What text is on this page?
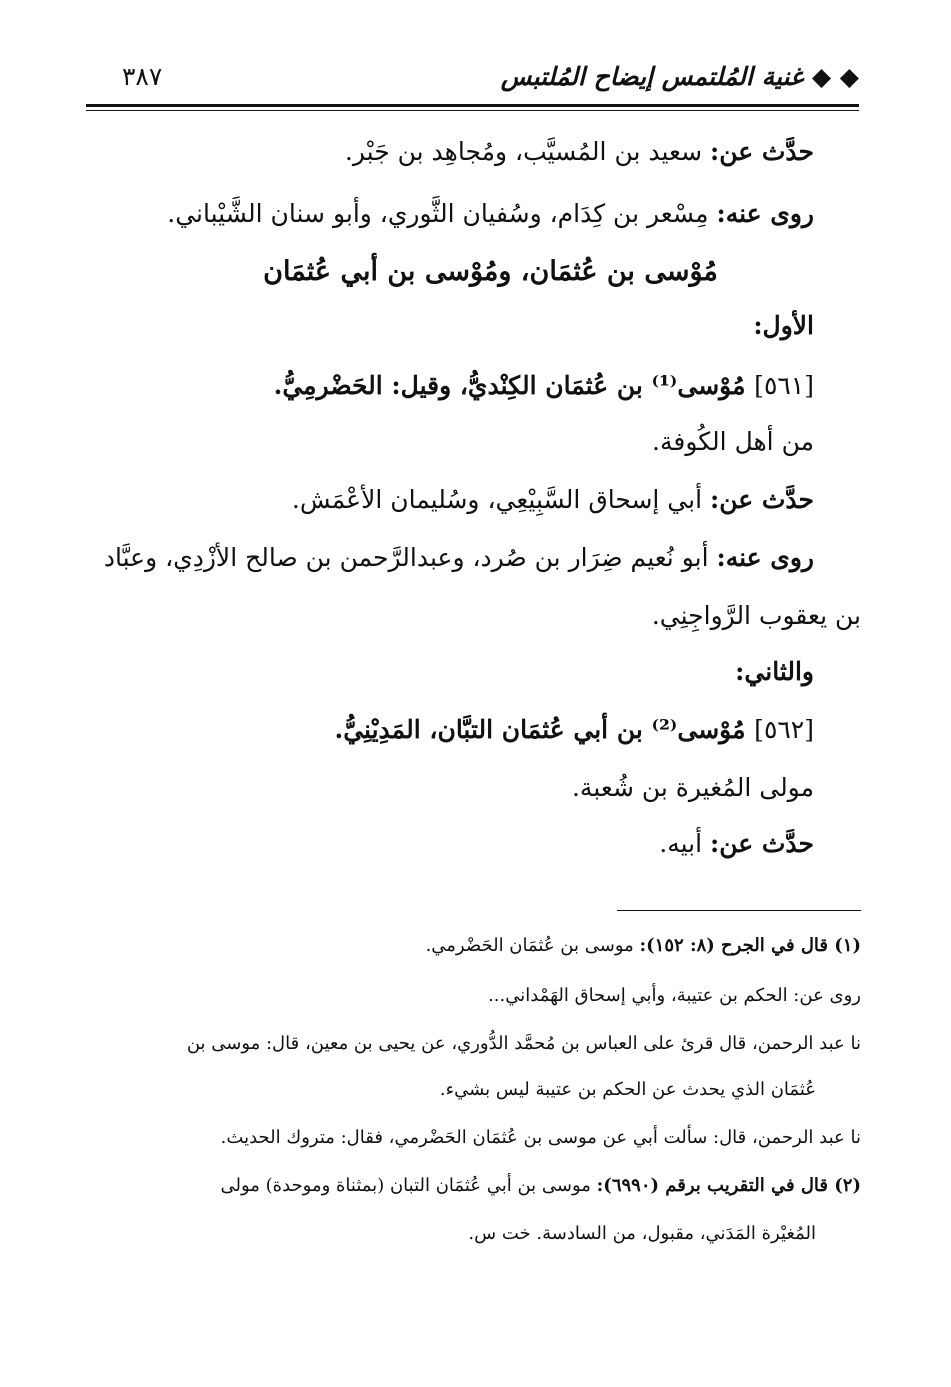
◆ ◆ غنية المُلتمس إيضاح المُلتبس
٣٨٧
حدَّث عن: سعيد بن المُسيَّب، ومُجاهِد بن جَبْر.
روى عنه: مِسْعر بن كِدَام، وسُفيان الثَّوري، وأبو سنان الشَّيْباني.
مُوْسى بن عُثمَان، ومُوْسى بن أبي عُثمَان
الأول:
[٥٦١] مُوْسى⁽¹⁾ بن عُثمَان الكِنْديُّ، وقيل: الحَضْرمِيُّ.
من أهل الكُوفة.
حدَّث عن: أبي إسحاق السَّبِيْعِي، وسُليمان الأعْمَش.
روى عنه: أبو نُعيم ضِرَار بن صُرد، وعبدالرَّحمن بن صالح الأزْدِي، وعبَّاد
بن يعقوب الرَّواجِنِي.
والثاني:
[٥٦٢] مُوْسى⁽²⁾ بن أبي عُثمَان التبَّان، المَدِيْنِيُّ.
مولى المُغيرة بن شُعبة.
حدَّث عن: أبيه.
(١) قال في الجرح (٨: ١٥٢): موسى بن عُثمَان الحَضْرمي.
روى عن: الحكم بن عتيبة، وأبي إسحاق الهَمْداني...
نا عبد الرحمن، قال قرئ على العباس بن مُحمَّد الدُّوري، عن يحيى بن معين، قال: موسى بن
عُثمَان الذي يحدث عن الحكم بن عتيبة ليس بشيء.
نا عبد الرحمن، قال: سألت أبي عن موسى بن عُثمَان الحَضْرمي، فقال: متروك الحديث.
(٢) قال في التقريب برقم (٦٩٩٠): موسى بن أبي عُثمَان التبان (بمثناة وموحدة) مولى
المُغيْرة المَدَني، مقبول، من السادسة. خت س.
